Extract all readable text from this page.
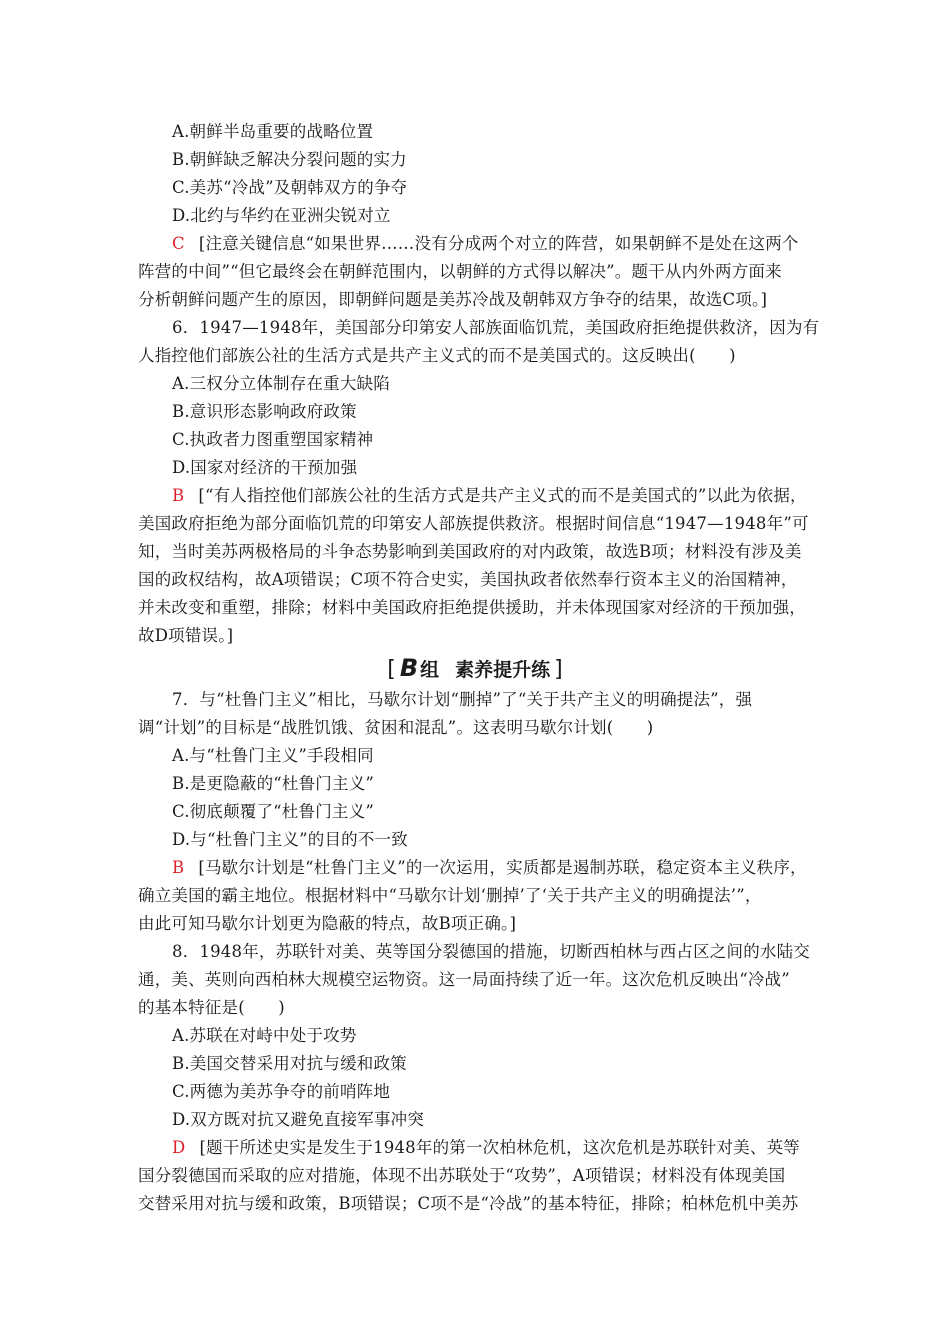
A.朝鲜半岛重要的战略位置
B.朝鲜缺乏解决分裂问题的实力
C.美苏“冷战”及朝韩双方的争夺
D.北约与华约在亚洲尖锐对立
C [注意关键信息“如果世界……没有分成两个对立的阵营，如果朝鲜不是处在这两个
阵营的中间”“但它最终会在朝鲜范围内，以朝鲜的方式得以解决”。题干从内外两方面来
分析朝鲜问题产生的原因，即朝鲜问题是美苏冷战及朝韩双方争夺的结果，故选C项。]
6．1947—1948年，美国部分印第安人部族面临饥荒，美国政府拒绝提供救济，因为有
人指控他们部族公社的生活方式是共产主义式的而不是美国式的。这反映出(　　)
A.三权分立体制存在重大缺陷
B.意识形态影响政府政策
C.执政者力图重塑国家精神
D.国家对经济的干预加强
B [“有人指控他们部族公社的生活方式是共产主义式的而不是美国式的”以此为依据，
美国政府拒绝为部分面临饥荒的印第安人部族提供救济。根据时间信息“1947—1948年”可
知，当时美苏两极格局的斗争态势影响到美国政府的对内政策，故选B项；材料没有涉及美
国的政权结构，故A项错误；C项不符合史实，美国执政者依然奉行资本主义的治国精神，
并未改变和重塑，排除；材料中美国政府拒绝提供援助，并未体现国家对经济的干预加强，
故D项错误。]
[ B 组 素养提升练 ]
7．与“杜鲁门主义”相比，马歇尔计划“删掉”了“关于共产主义的明确提法”，强
调“计划”的目标是“战胜饥饿、贫困和混乱”。这表明马歇尔计划(　　)
A.与“杜鲁门主义”手段相同
B.是更隐蔽的“杜鲁门主义”
C.彻底颠覆了“杜鲁门主义”
D.与“杜鲁门主义”的目的不一致
B [马歇尔计划是“杜鲁门主义”的一次运用，实质都是遏制苏联，稳定资本主义秩序，
确立美国的霸主地位。根据材料中“马歇尔计划‘删掉’了‘关于共产主义的明确提法’”，
由此可知马歇尔计划更为隐蔽的特点，故B项正确。]
8．1948年，苏联针对美、英等国分裂德国的措施，切断西柏林与西占区之间的水陆交
通，美、英则向西柏林大规模空运物资。这一局面持续了近一年。这次危机反映出“冷战”
的基本特征是(　　)
A.苏联在对峙中处于攻势
B.美国交替采用对抗与缓和政策
C.两德为美苏争夺的前哨阵地
D.双方既对抗又避免直接军事冲突
D [题干所述史实是发生于1948年的第一次柏林危机，这次危机是苏联针对美、英等
国分裂德国而采取的应对措施，体现不出苏联处于“攻势”，A项错误；材料没有体现美国
交替采用对抗与缓和政策，B项错误；C项不是“冷战”的基本特征，排除；柏林危机中美苏
